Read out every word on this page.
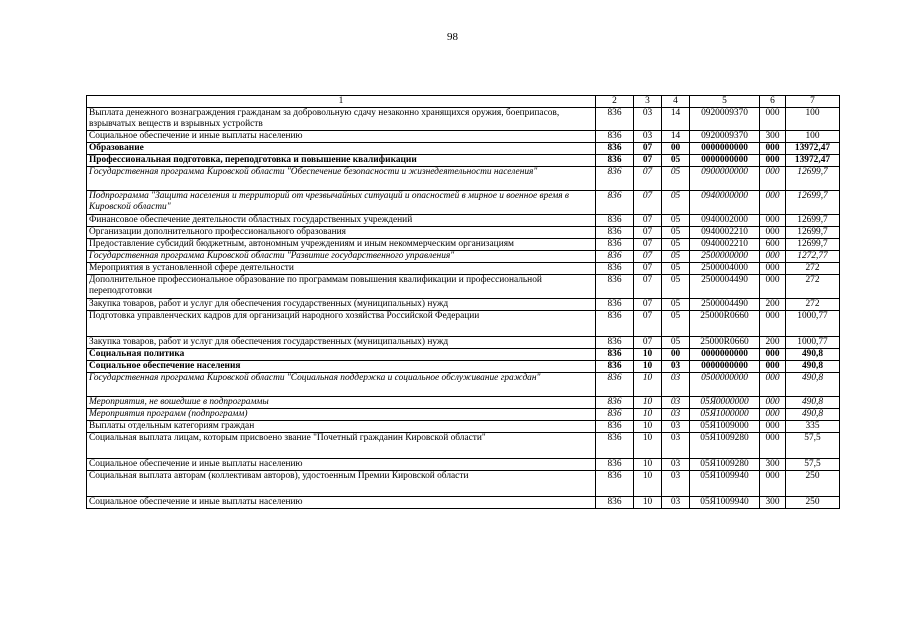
98
1	2	3	4	5	6	7
Выплата денежного вознаграждения гражданам за добровольную сдачу незаконно хранящихся оружия, боеприпасов, взрывчатых веществ и взрывных устройств	836	03	14	0920009370	000	100
Социальное обеспечение и иные выплаты населению	836	03	14	0920009370	300	100
Образование	836	07	00	0000000000	000	13972,47
Профессиональная подготовка, переподготовка и повышение квалификации	836	07	05	0000000000	000	13972,47
Государственная программа Кировской области "Обеспечение безопасности и жизнедеятельности населения"	836	07	05	0900000000	000	12699,7
Подпрограмма "Защита населения и территорий от чрезвычайных ситуаций и опасностей в мирное и военное время в Кировской области"	836	07	05	0940000000	000	12699,7
Финансовое обеспечение деятельности областных государственных учреждений	836	07	05	0940002000	000	12699,7
Организации дополнительного профессионального образования	836	07	05	0940002210	000	12699,7
Предоставление субсидий бюджетным, автономным учреждениям и иным некоммерческим организациям	836	07	05	0940002210	600	12699,7
Государственная программа Кировской области "Развитие государственного управления"	836	07	05	2500000000	000	1272,77
Мероприятия в установленной сфере деятельности	836	07	05	2500004000	000	272
Дополнительное профессиональное образование по программам повышения квалификации и профессиональной переподготовки	836	07	05	2500004490	000	272
Закупка товаров, работ и услуг для обеспечения государственных (муниципальных) нужд	836	07	05	2500004490	200	272
Подготовка управленческих кадров для организаций народного хозяйства Российской Федерации	836	07	05	25000R0660	000	1000,77
Закупка товаров, работ и услуг для обеспечения государственных (муниципальных) нужд	836	07	05	25000R0660	200	1000,77
Социальная политика	836	10	00	0000000000	000	490,8
Социальное обеспечение населения	836	10	03	0000000000	000	490,8
Государственная программа Кировской области "Социальная поддержка и социальное обслуживание граждан"	836	10	03	0500000000	000	490,8
Мероприятия, не вошедшие в подпрограммы	836	10	03	05Я0000000	000	490,8
Мероприятия программ (подпрограмм)	836	10	03	05Я1000000	000	490,8
Выплаты отдельным категориям граждан	836	10	03	05Я1009000	000	335
Социальная выплата лицам, которым присвоено звание "Почетный гражданин Кировской области"	836	10	03	05Я1009280	000	57,5
Социальное обеспечение и иные выплаты населению	836	10	03	05Я1009280	300	57,5
Социальная выплата авторам (коллективам авторов), удостоенным Премии Кировской области	836	10	03	05Я1009940	000	250
Социальное обеспечение и иные выплаты населению	836	10	03	05Я1009940	300	250
